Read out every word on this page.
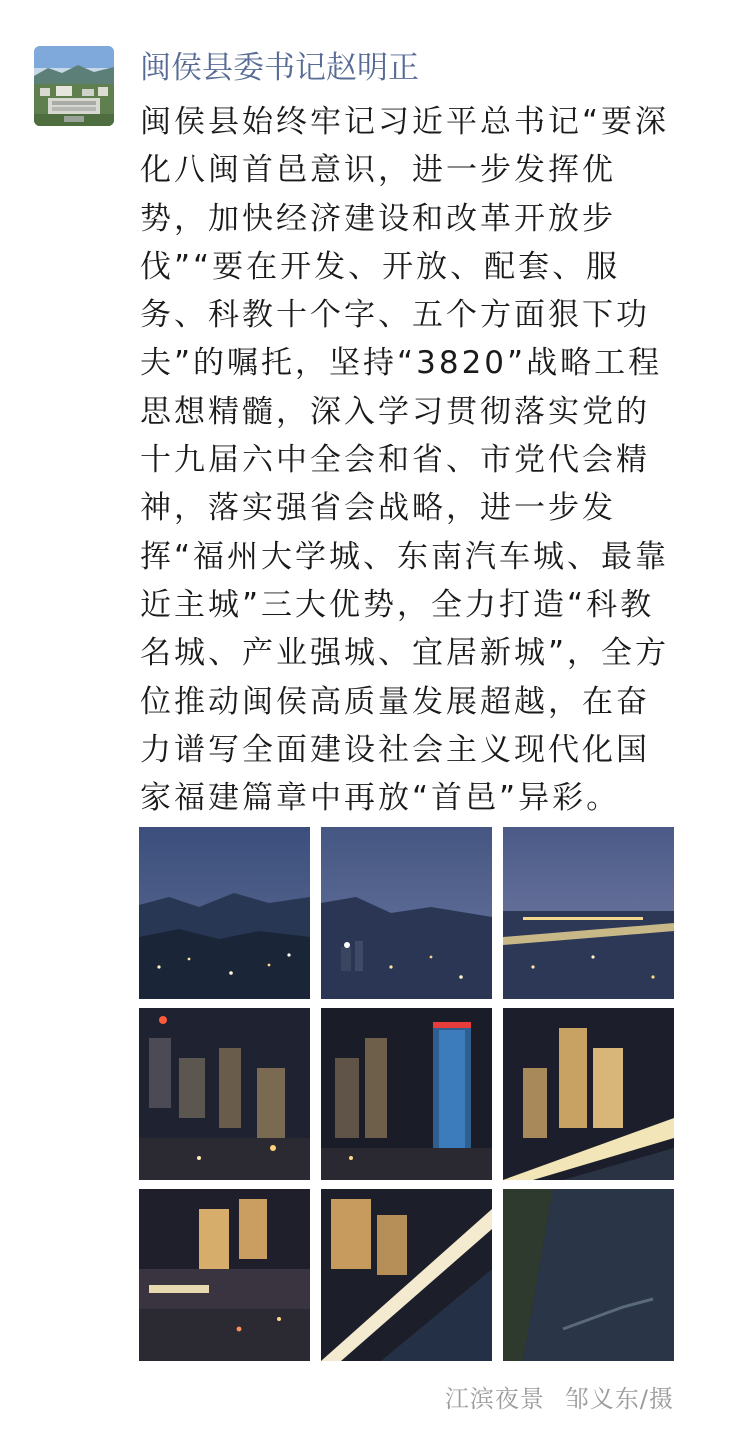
闽侯县委书记赵明正
闽侯县始终牢记习近平总书记“要深化八闽首邑意识，进一步发挥优势，加快经济建设和改革开放步伐”“要在开发、开放、配套、服务、科教十个字、五个方面狠下功夫”的嘱托，坚持“3820”战略工程思想精髓，深入学习贯彻落实党的十九届六中全会和省、市党代会精神，落实强省会战略，进一步发挥“福州大学城、东南汽车城、最靠近主城”三大优势，全力打造“科教名城、产业强城、宜居新城”，全方位推动闽侯高质量发展超越，在奋力谱写全面建设社会主义现代化国家福建篇章中再放“首邑”异彩。
江滨夜景 邹义东/摄
